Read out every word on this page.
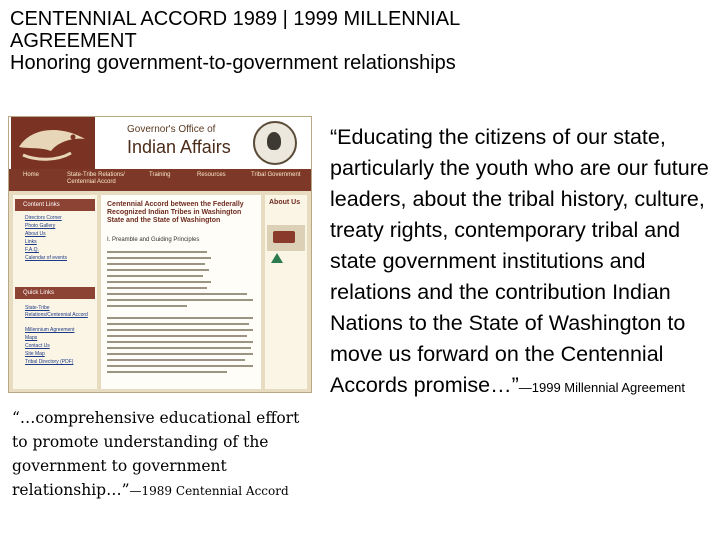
CENTENNIAL ACCORD 1989 | 1999 MILLENNIAL
AGREEMENT
Honoring government-to-government relationships
Governor's Office of
Indian Affairs
Home	State-Tribe Relations/ Centennial Accord
Training	Resources	Tribal Government
Content Links
Directors Corner
Photo Gallery
About Us
Links
F.A.Q.
Calendar of events
Quick Links
State-Tribe Relations/Centennial Accord
Millennium Agreement
Maps
Contact Us
Site Map
Tribal Directory (PDF)
Centennial Accord between the Federally Recognized Indian Tribes in Washington State and the State of Washington
I. Preamble and Guiding Principles
About Us
“…comprehensive educational effort to promote understanding of the government to government relationship…”—1989 Centennial Accord
“Educating the citizens of our state, particularly the youth who are our future leaders, about the tribal history, culture, treaty rights, contemporary tribal and state government institutions and relations and the contribution Indian Nations to the State of Washington to move us forward on the Centennial Accords promise…”—1999 Millennial Agreement
